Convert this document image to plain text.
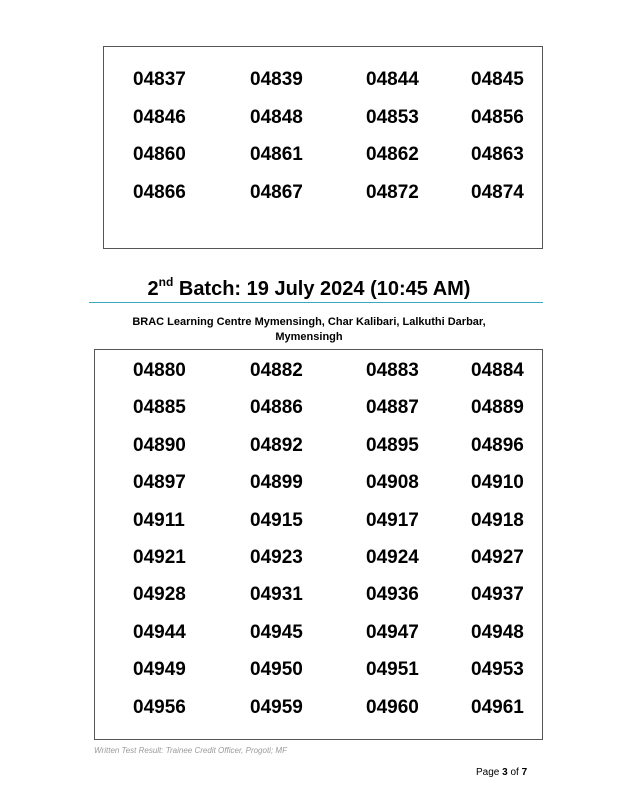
2nd Batch: 19 July 2024 (10:45 AM)
BRAC Learning Centre Mymensingh, Char Kalibari, Lalkuthi Darbar,
Mymensingh
Written Test Result: Trainee Credit Officer, Progoti; MF
Page 3 of 7
04837	04839	04844	04845
04846	04848	04853	04856
04860	04861	04862	04863
04866	04867	04872	04874
04880	04882	04883	04884
04885	04886	04887	04889
04890	04892	04895	04896
04897	04899	04908	04910
04911	04915	04917	04918
04921	04923	04924	04927
04928	04931	04936	04937
04944	04945	04947	04948
04949	04950	04951	04953
04956	04959	04960	04961
